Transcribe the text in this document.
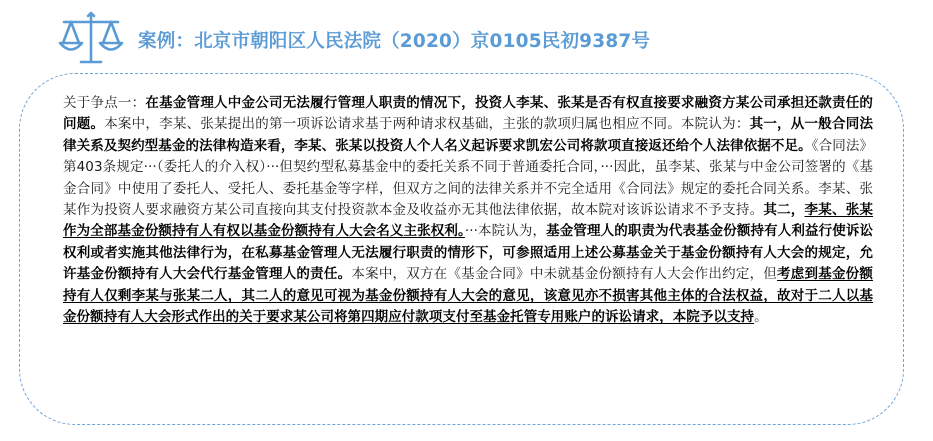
案例：北京市朝阳区人民法院（2020）京0105民初9387号
关于争点一：在基金管理人中金公司无法履行管理人职责的情况下，投资人李某、张某是否有权直接要求融资方某公司承担还款责任的问题。本案中，李某、张某提出的第一项诉讼请求基于两种请求权基础，主张的款项归属也相应不同。本院认为：其一，从一般合同法律关系及契约型基金的法律构造来看，李某、张某以投资人个人名义起诉要求凯宏公司将款项直接返还给个人法律依据不足。《合同法》第403条规定···（委托人的介入权）···但契约型私募基金中的委托关系不同于普通委托合同，···因此，虽李某、张某与中金公司签署的《基金合同》中使用了委托人、受托人、委托基金等字样，但双方之间的法律关系并不完全适用《合同法》规定的委托合同关系。李某、张某作为投资人要求融资方某公司直接向其支付投资款本金及收益亦无其他法律依据，故本院对该诉讼请求不予支持。其二，李某、张某作为全部基金份额持有人有权以基金份额持有人大会名义主张权利。···本院认为，基金管理人的职责为代表基金份额持有人利益行使诉讼权利或者实施其他法律行为，在私募基金管理人无法履行职责的情形下，可参照适用上述公募基金关于基金份额持有人大会的规定，允许基金份额持有人大会代行基金管理人的责任。本案中，双方在《基金合同》中未就基金份额持有人大会作出约定，但考虑到基金份额持有人仅剩李某与张某二人，其二人的意见可视为基金份额持有人大会的意见，该意见亦不损害其他主体的合法权益，故对于二人以基金份额持有人大会形式作出的关于要求某公司将第四期应付款项支付至基金托管专用账户的诉讼请求，本院予以支持。
